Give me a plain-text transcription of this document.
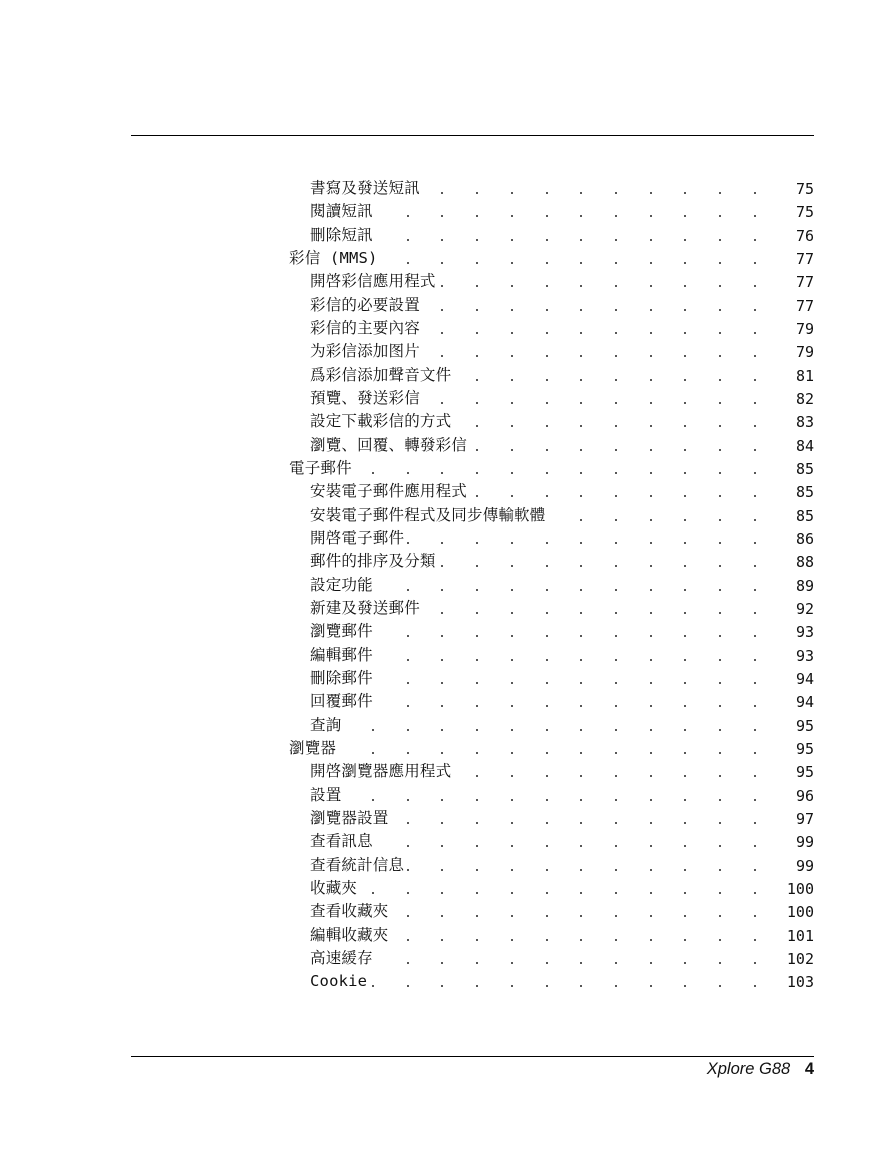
書寫及發送短訊	75
閱讀短訊	75
刪除短訊	76
彩信 (MMS)	77
開啓彩信應用程式	77
彩信的必要設置	77
彩信的主要內容	79
为彩信添加图片	79
爲彩信添加聲音文件	81
預覽、發送彩信	82
設定下載彩信的方式	83
瀏覽、回覆、轉發彩信	84
電子郵件	85
安裝電子郵件應用程式	85
安裝電子郵件程式及同步傳輸軟體	85
開啓電子郵件	86
郵件的排序及分類	88
設定功能	89
新建及發送郵件	92
瀏覽郵件	93
編輯郵件	93
刪除郵件	94
回覆郵件	94
查詢	95
瀏覽器	95
開啓瀏覽器應用程式	95
設置	96
瀏覽器設置	97
查看訊息	99
查看統計信息	99
收藏夾	100
查看收藏夾	100
編輯收藏夾	101
高速緩存	102
Cookie	103
Xplore G88 4
